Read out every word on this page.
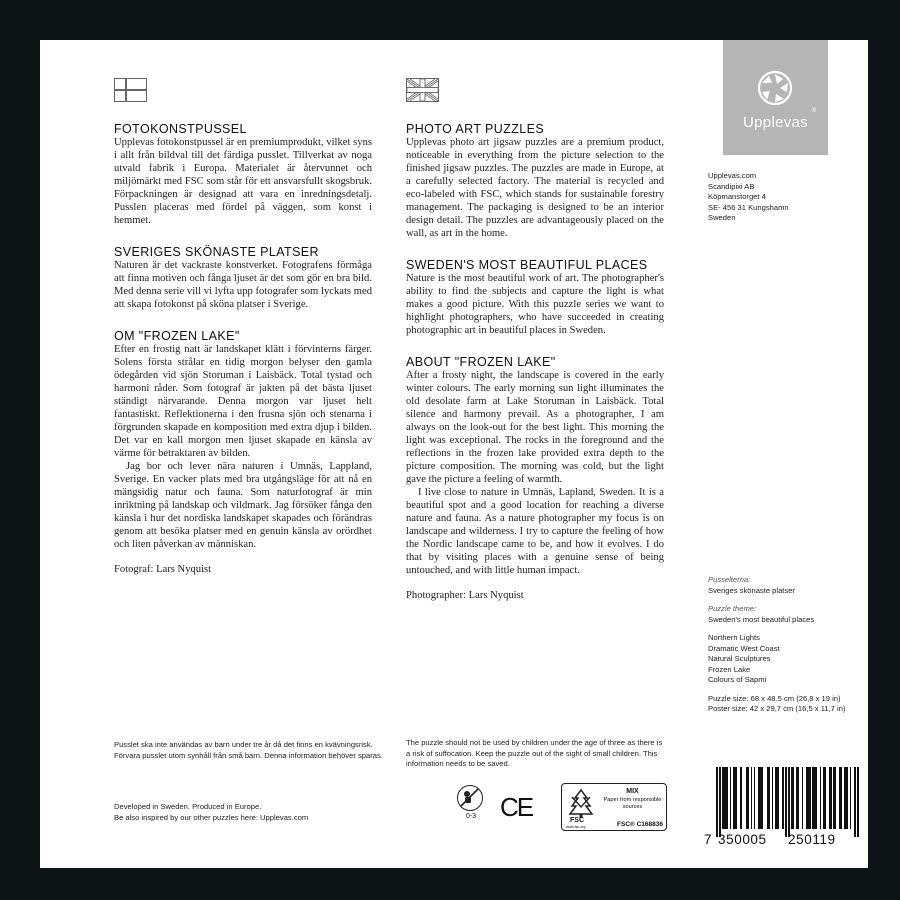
FOTOKONSTPUSSEL

Upplevas fotokonstpussel är en premiumprodukt, vilket syns i allt från bildval till det färdiga pusslet. Tillverkat av noga utvald fabrik i Europa. Materialet är återvunnet och miljömärkt med FSC som står för ett ansvarsfullt skogsbruk. Förpackningen är designad att vara en inredningsdetalj. Pusslen placeras med fördel på väggen, som konst i hemmet.

SVERIGES SKÖNASTE PLATSER

Naturen är det vackraste konstverket. Fotografens förmåga att finna motiven och fånga ljuset är det som gör en bra bild. Med denna serie vill vi lyfta upp fotografer som lyckats med att skapa fotokonst på sköna platser i Sverige.

OM "FROZEN LAKE"

Efter en frostig natt är landskapet klätt i förvinterns färger. Solens första strålar en tidig morgon belyser den gamla ödegården vid sjön Storuman i Laisbäck. Total tystad och harmoni råder. Som fotograf är jakten på det bästa ljuset ständigt närvarande. Denna morgon var ljuset helt fantastiskt. Reflektionerna i den frusna sjön och stenarna i förgrunden skapade en komposition med extra djup i bilden. Det var en kall morgon men ljuset skapade en känsla av värme för betraktaren av bilden.

Jag bor och lever nära naturen i Umnäs, Lappland, Sverige. En vacker plats med bra utgångsläge för att nå en mängsidig natur och fauna. Som naturfotograf är min inriktning på landskap och vildmark. Jag försöker fånga den känsla i hur det nordiska landskapet skapades och förändras genom att besöka platser med en genuin känsla av orördhet och liten påverkan av människan.

Fotograf: Lars Nyquist
PHOTO ART PUZZLES

Upplevas photo art jigsaw puzzles are a premium product, noticeable in everything from the picture selection to the finished jigsaw puzzles. The puzzles are made in Europe, at a carefully selected factory. The material is recycled and eco-labeled with FSC, which stands for sustainable forestry management. The packaging is designed to be an interior design detail. The puzzles are advantageously placed on the wall, as art in the home.

SWEDEN'S MOST BEAUTIFUL PLACES

Nature is the most beautiful work of art. The photographer's ability to find the subjects and capture the light is what makes a good picture. With this puzzle series we want to highlight photographers, who have succeeded in creating photographic art in beautiful places in Sweden.

ABOUT "FROZEN LAKE"

After a frosty night, the landscape is covered in the early winter colours. The early morning sun light illuminates the old desolate farm at Lake Storuman in Laisbäck. Total silence and harmony prevail. As a photographer, I am always on the look-out for the best light. This morning the light was exceptional. The rocks in the foreground and the reflections in the frozen lake provided extra depth to the picture composition. The morning was cold, but the light gave the picture a feeling of warmth.

I live close to nature in Umnäs, Lapland, Sweden. It is a beautiful spot and a good location for reaching a diverse nature and fauna. As a nature photographer my focus is on landscape and wilderness. I try to capture the feeling of how the Nordic landscape came to be, and how it evolves. I do that by visiting places with a genuine sense of being untouched, and with little human impact.

Photographer: Lars Nyquist
Upplevas
®
Upplevas.com
Scandipixi AB
Köpmanstorget 4
SE- 456 31 Kungshamn
Sweden
Pusselterna:
Sveriges skönaste platser
Puzzle theme:
Sweden's most beautiful places
Northern Lights
Dramatic West Coast
Natural Sculptures
Frozen Lake
Colours of Sapmi
Puzzle size: 68 x 48.5 cm (26,8 x 19 in)
Poster size: 42 x 29,7 cm (16,5 x 11,7 in)
Pusslet ska inte användas av barn under tre år då det finns en kvävningsrisk.
Förvara pusslet utom synhåll från små barn. Denna information behöver sparas.
The puzzle should not be used by children under the age of three as there is a risk of suffocation. Keep the puzzle out of the sight of small children. This information needs to be saved.
Developed in Sweden. Produced in Europe.
Be also inspired by our other puzzles here: Upplevas.com	0-3 CE	FSC
MIX
Paper from responsible sources
FSC® C168836
www.fsc.org
7 350005 250119
